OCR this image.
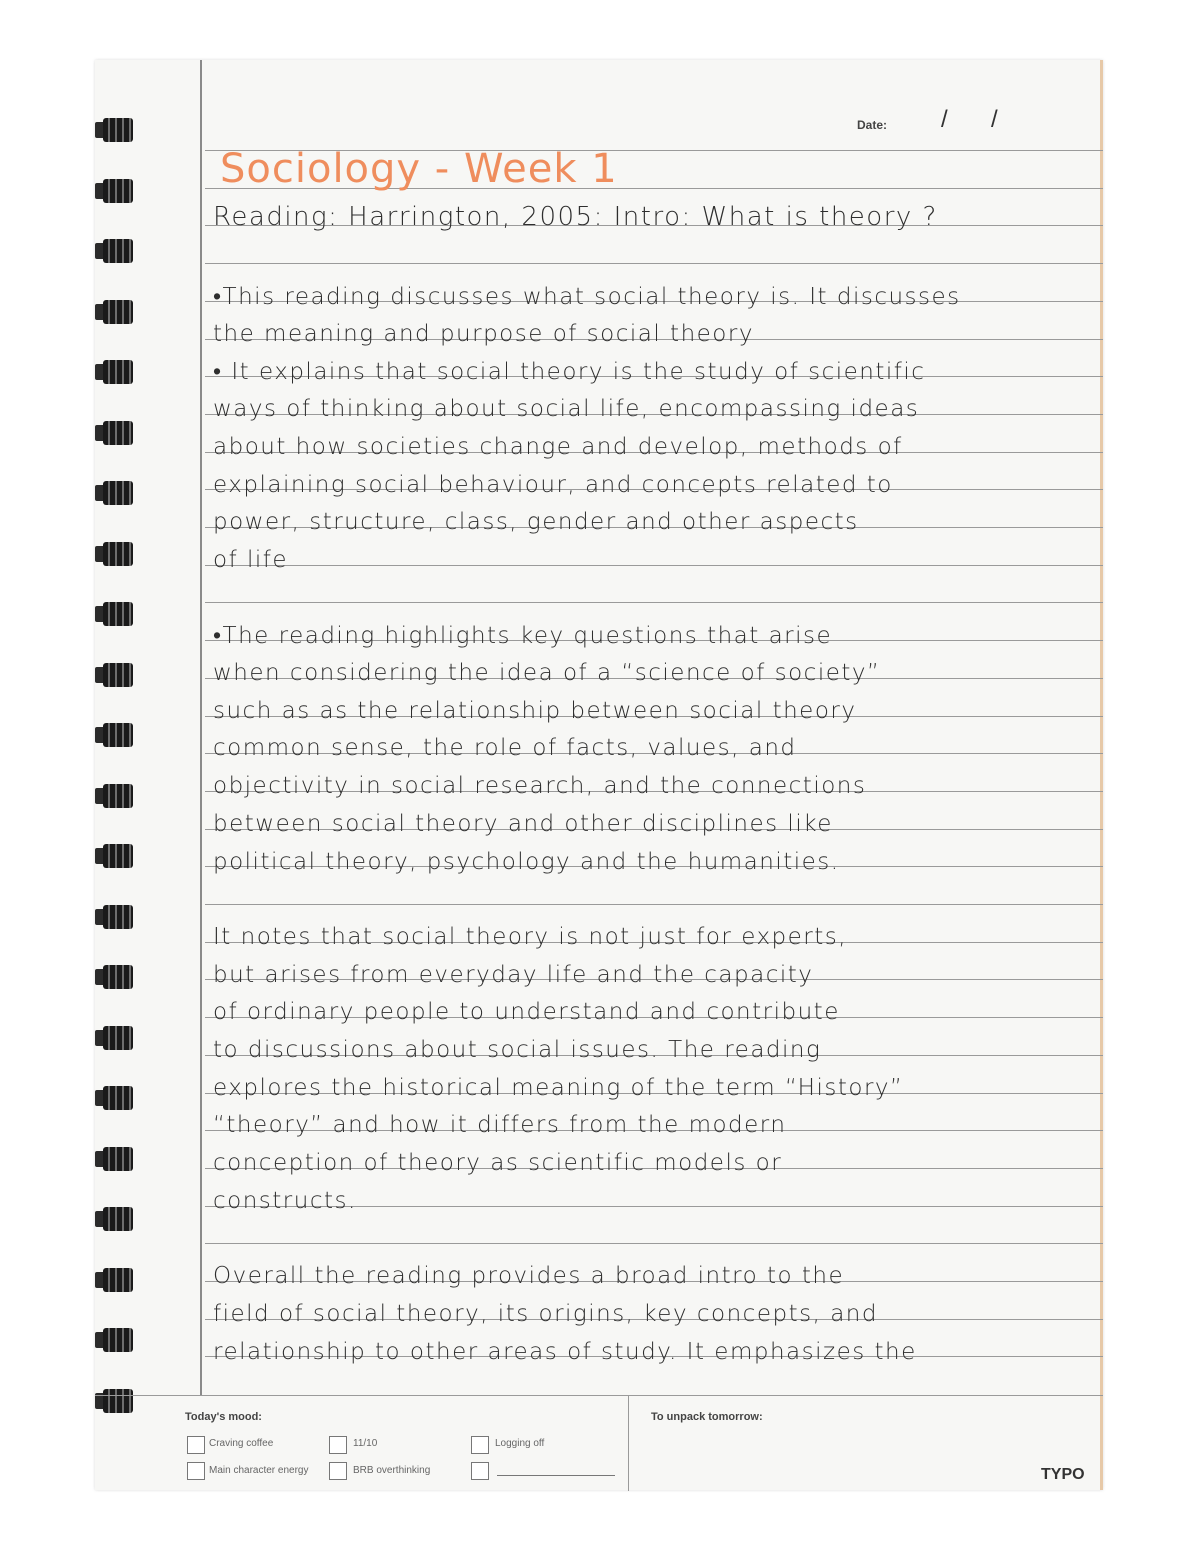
Date: / /
Sociology - Week 1
Reading: Harrington, 2005: Intro: What is theory ?
•This reading discusses what social theory is. It discusses
the meaning and purpose of social theory
• It explains that social theory is the study of scientific
ways of thinking about social life, encompassing ideas
about how societies change and develop, methods of
explaining social behaviour, and concepts related to
power, structure, class, gender and other aspects
of life
•The reading highlights key questions that arise
when considering the idea of a “science of society”
such as as the relationship between social theory
common sense, the role of facts, values, and
objectivity in social research, and the connections
between social theory and other disciplines like
political theory, psychology and the humanities.
It notes that social theory is not just for experts,
but arises from everyday life and the capacity
of ordinary people to understand and contribute
to discussions about social issues. The reading
explores the historical meaning of the term “History”
“theory” and how it differs from the modern
conception of theory as scientific models or
constructs.
Overall the reading provides a broad intro to the
field of social theory, its origins, key concepts, and
relationship to other areas of study. It emphasizes the
Today's mood:
Craving coffee	11/10	Logging off
Main character energy	BRB overthinking
To unpack tomorrow:
TYPO
